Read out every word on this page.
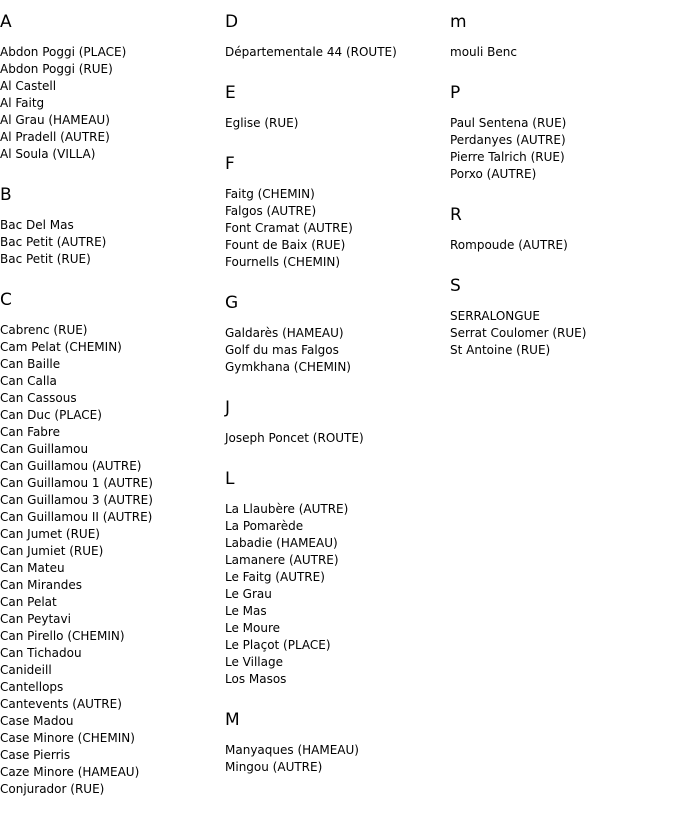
A
Abdon Poggi (PLACE)
Abdon Poggi (RUE)
Al Castell
Al Faitg
Al Grau (HAMEAU)
Al Pradell (AUTRE)
Al Soula (VILLA)
B
Bac Del Mas
Bac Petit (AUTRE)
Bac Petit (RUE)
C
Cabrenc (RUE)
Cam Pelat (CHEMIN)
Can Baille
Can Calla
Can Cassous
Can Duc (PLACE)
Can Fabre
Can Guillamou
Can Guillamou (AUTRE)
Can Guillamou 1 (AUTRE)
Can Guillamou 3 (AUTRE)
Can Guillamou II (AUTRE)
Can Jumet (RUE)
Can Jumiet (RUE)
Can Mateu
Can Mirandes
Can Pelat
Can Peytavi
Can Pirello (CHEMIN)
Can Tichadou
Canideill
Cantellops
Cantevents (AUTRE)
Case Madou
Case Minore (CHEMIN)
Case Pierris
Caze Minore (HAMEAU)
Conjurador (RUE)
D
Départementale 44 (ROUTE)
E
Eglise (RUE)
F
Faitg (CHEMIN)
Falgos (AUTRE)
Font Cramat (AUTRE)
Fount de Baix (RUE)
Fournells (CHEMIN)
G
Galdarès (HAMEAU)
Golf du mas Falgos
Gymkhana (CHEMIN)
J
Joseph Poncet (ROUTE)
L
La Llaubère (AUTRE)
La Pomarède
Labadie (HAMEAU)
Lamanere (AUTRE)
Le Faitg (AUTRE)
Le Grau
Le Mas
Le Moure
Le Plaçot (PLACE)
Le Village
Los Masos
M
Manyaques (HAMEAU)
Mingou (AUTRE)
m
mouli Benc
P
Paul Sentena (RUE)
Perdanyes (AUTRE)
Pierre Talrich (RUE)
Porxo (AUTRE)
R
Rompoude (AUTRE)
S
SERRALONGUE
Serrat Coulomer (RUE)
St Antoine (RUE)
